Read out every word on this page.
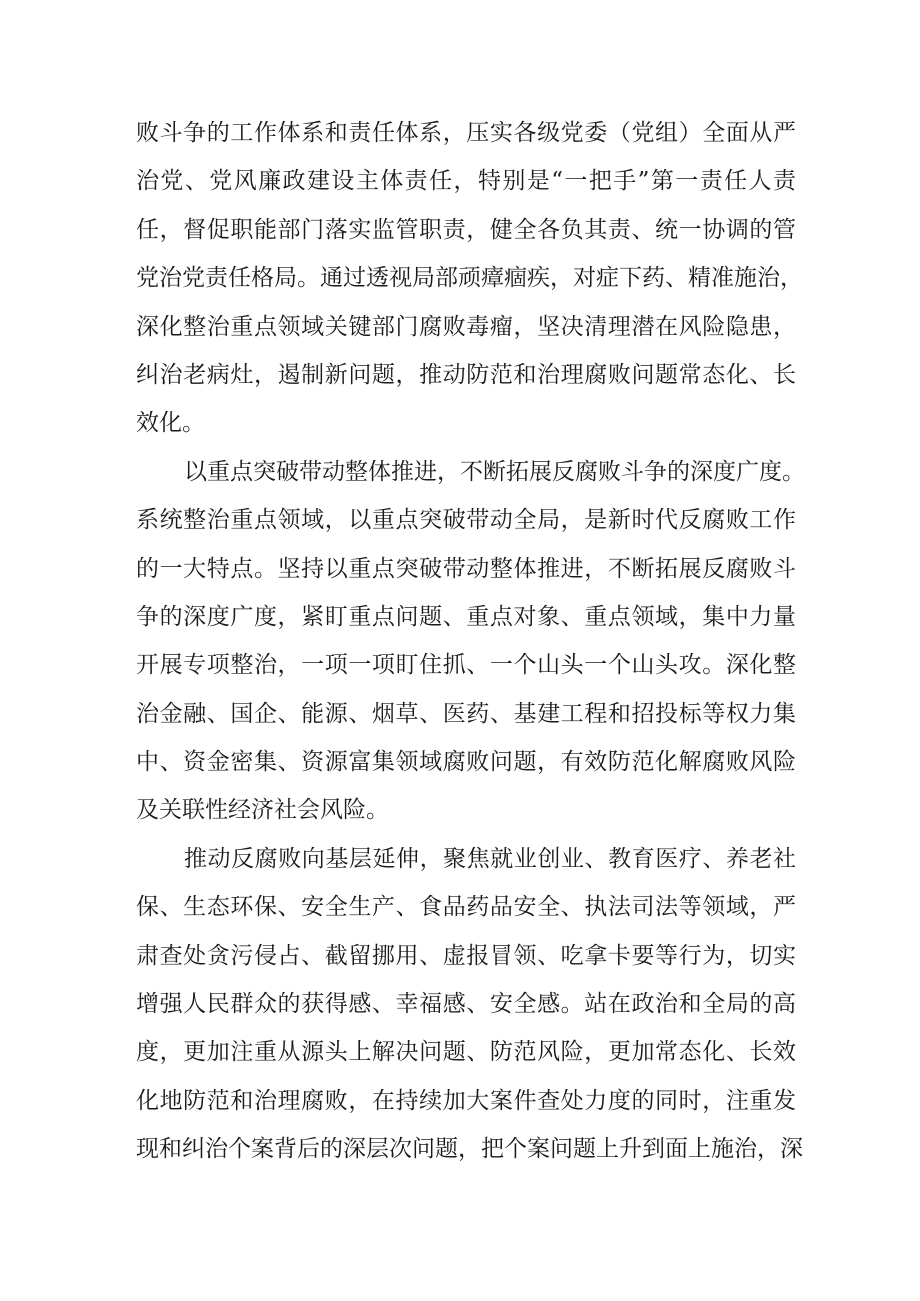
败斗争的工作体系和责任体系，压实各级党委（党组）全面从严
治党、党风廉政建设主体责任，特别是“一把手”第一责任人责
任，督促职能部门落实监管职责，健全各负其责、统一协调的管
党治党责任格局。通过透视局部顽瘴痼疾，对症下药、精准施治，
深化整治重点领域关键部门腐败毒瘤，坚决清理潜在风险隐患，
纠治老病灶，遏制新问题，推动防范和治理腐败问题常态化、长
效化。
以重点突破带动整体推进，不断拓展反腐败斗争的深度广度。
系统整治重点领域，以重点突破带动全局，是新时代反腐败工作
的一大特点。坚持以重点突破带动整体推进，不断拓展反腐败斗
争的深度广度，紧盯重点问题、重点对象、重点领域，集中力量
开展专项整治，一项一项盯住抓、一个山头一个山头攻。深化整
治金融、国企、能源、烟草、医药、基建工程和招投标等权力集
中、资金密集、资源富集领域腐败问题，有效防范化解腐败风险
及关联性经济社会风险。
推动反腐败向基层延伸，聚焦就业创业、教育医疗、养老社
保、生态环保、安全生产、食品药品安全、执法司法等领域，严
肃查处贪污侵占、截留挪用、虚报冒领、吃拿卡要等行为，切实
增强人民群众的获得感、幸福感、安全感。站在政治和全局的高
度，更加注重从源头上解决问题、防范风险，更加常态化、长效
化地防范和治理腐败，在持续加大案件查处力度的同时，注重发
现和纠治个案背后的深层次问题，把个案问题上升到面上施治，深
